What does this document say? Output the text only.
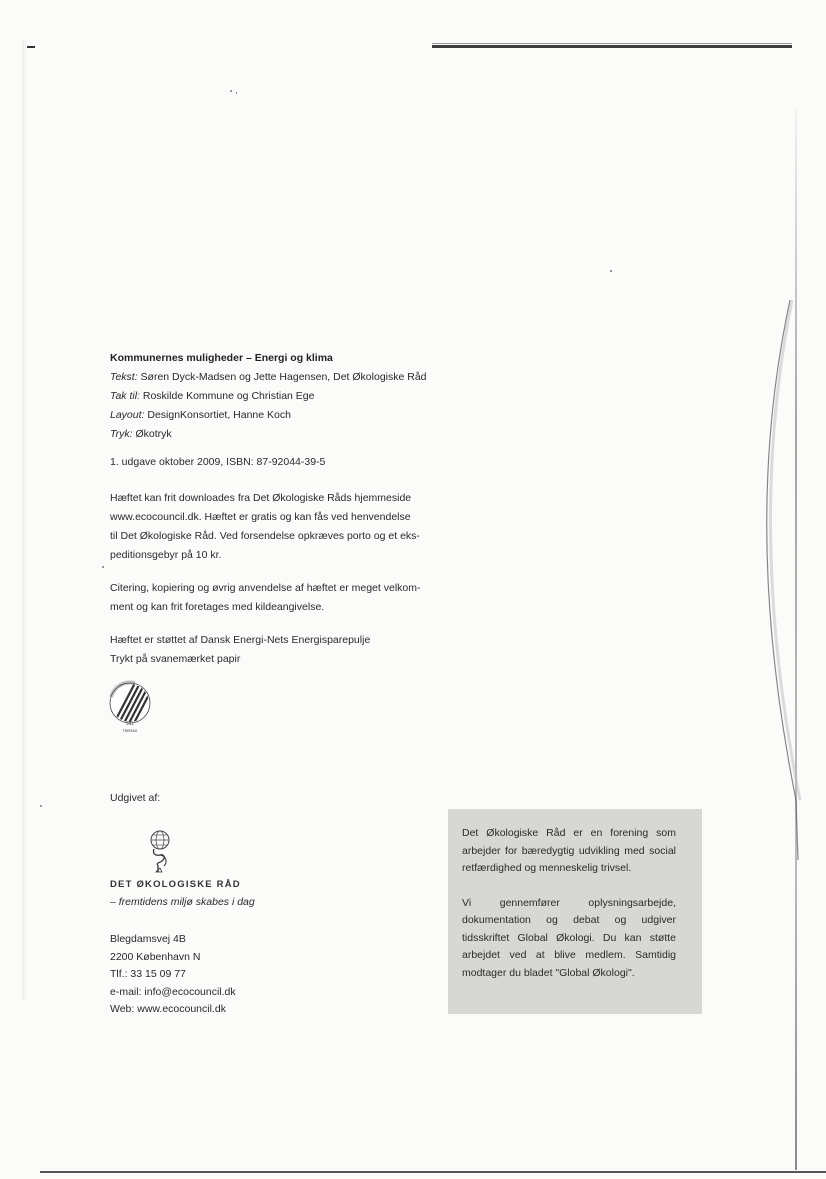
Kommunernes muligheder – Energi og klima

Tekst: Søren Dyck-Madsen og Jette Hagensen, Det Økologiske Råd

Tak til: Roskilde Kommune og Christian Ege

Layout: DesignKonsortiet, Hanne Koch

Tryk: Økotryk

1. udgave oktober 2009, ISBN: 87-92044-39-5

Hæftet kan frit downloades fra Det Økologiske Råds hjemmeside
www.ecocouncil.dk. Hæftet er gratis og kan fås ved henvendelse
til Det Økologiske Råd. Ved forsendelse opkræves porto og et eks-
peditionsgebyr på 10 kr.
Citering, kopiering og øvrig anvendelse af hæftet er meget velkom-
ment og kan frit foretages med kildeangivelse.
Hæftet er støttet af Dansk Energi-Nets Energisparepulje
Trykt på svanemærket papir
541
TRYKSAG
Udgivet af:
DET ØKOLOGISKE RÅD
– fremtidens miljø skabes i dag
Blegdamsvej 4B
2200 København N
Tlf.: 33 15 09 77
e-mail: info@ecocouncil.dk
Web: www.ecocouncil.dk

Det Økologiske Råd er en forening som arbejder for bæredygtig udvikling med social retfærdighed og menneskelig trivsel.

Vi gennemfører oplysningsarbejde, dokumentation og debat og udgiver tidsskriftet Global Økologi. Du kan støtte arbejdet ved at blive medlem. Samtidig modtager du bladet "Global Økologi".
